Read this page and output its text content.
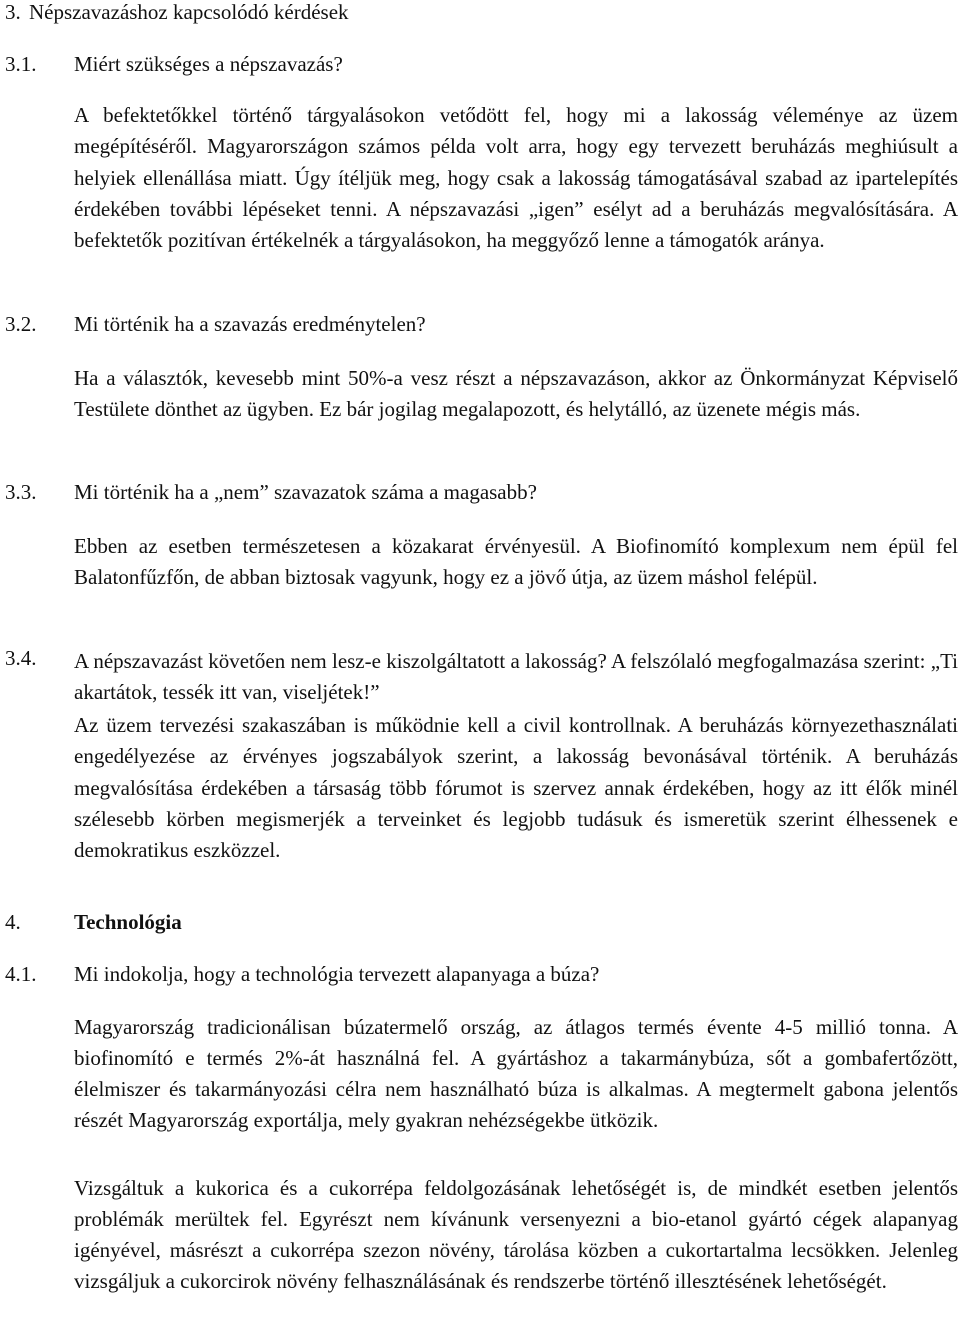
3. Népszavazáshoz kapcsolódó kérdések
3.1. Miért szükséges a népszavazás?

A befektetőkkel történő tárgyalásokon vetődött fel, hogy mi a lakosság véleménye az üzem megépítéséről. Magyarországon számos példa volt arra, hogy egy tervezett beruházás meghiúsult a helyiek ellenállása miatt. Úgy ítéljük meg, hogy csak a lakosság támogatásával szabad az ipartelepítés érdekében további lépéseket tenni. A népszavazási „igen” esélyt ad a beruházás megvalósítására. A befektetők pozitívan értékelnék a tárgyalásokon, ha meggyőző lenne a támogatók aránya.

3.2. Mi történik ha a szavazás eredménytelen?

Ha a választók, kevesebb mint 50%-a vesz részt a népszavazáson, akkor az Önkormányzat Képviselő Testülete dönthet az ügyben. Ez bár jogilag megalapozott, és helytálló, az üzenete mégis más.

3.3. Mi történik ha a „nem” szavazatok száma a magasabb?

Ebben az esetben természetesen a közakarat érvényesül. A Biofinomító komplexum nem épül fel Balatonfűzfőn, de abban biztosak vagyunk, hogy ez a jövő útja, az üzem máshol felépül.

3.4. A népszavazást követően nem lesz-e kiszolgáltatott a lakosság? A felszólaló megfogalmazása szerint: „Ti akartátok, tessék itt van, viseljétek!”

Az üzem tervezési szakaszában is működnie kell a civil kontrollnak. A beruházás környezethasználati engedélyezése az érvényes jogszabályok szerint, a lakosság bevonásával történik. A beruházás megvalósítása érdekében a társaság több fórumot is szervez annak érdekében, hogy az itt élők minél szélesebb körben megismerjék a terveinket és legjobb tudásuk és ismeretük szerint élhessenek e demokratikus eszközzel.

4.	Technológia
4.1. Mi indokolja, hogy a technológia tervezett alapanyaga a búza?

Magyarország tradicionálisan búzatermelő ország, az átlagos termés évente 4-5 millió tonna. A biofinomító e termés 2%-át használná fel. A gyártáshoz a takarmánybúza, sőt a gombafertőzött, élelmiszer és takarmányozási célra nem használható búza is alkalmas. A megtermelt gabona jelentős részét Magyarország exportálja, mely gyakran nehézségekbe ütközik.

Vizsgáltuk a kukorica és a cukorrépa feldolgozásának lehetőségét is, de mindkét esetben jelentős problémák merültek fel. Egyrészt nem kívánunk versenyezni a bio-etanol gyártó cégek alapanyag igényével, másrészt a cukorrépa szezon növény, tárolása közben a cukortartalma lecsökken. Jelenleg vizsgáljuk a cukorcirok növény felhasználásának és rendszerbe történő illesztésének lehetőségét.
